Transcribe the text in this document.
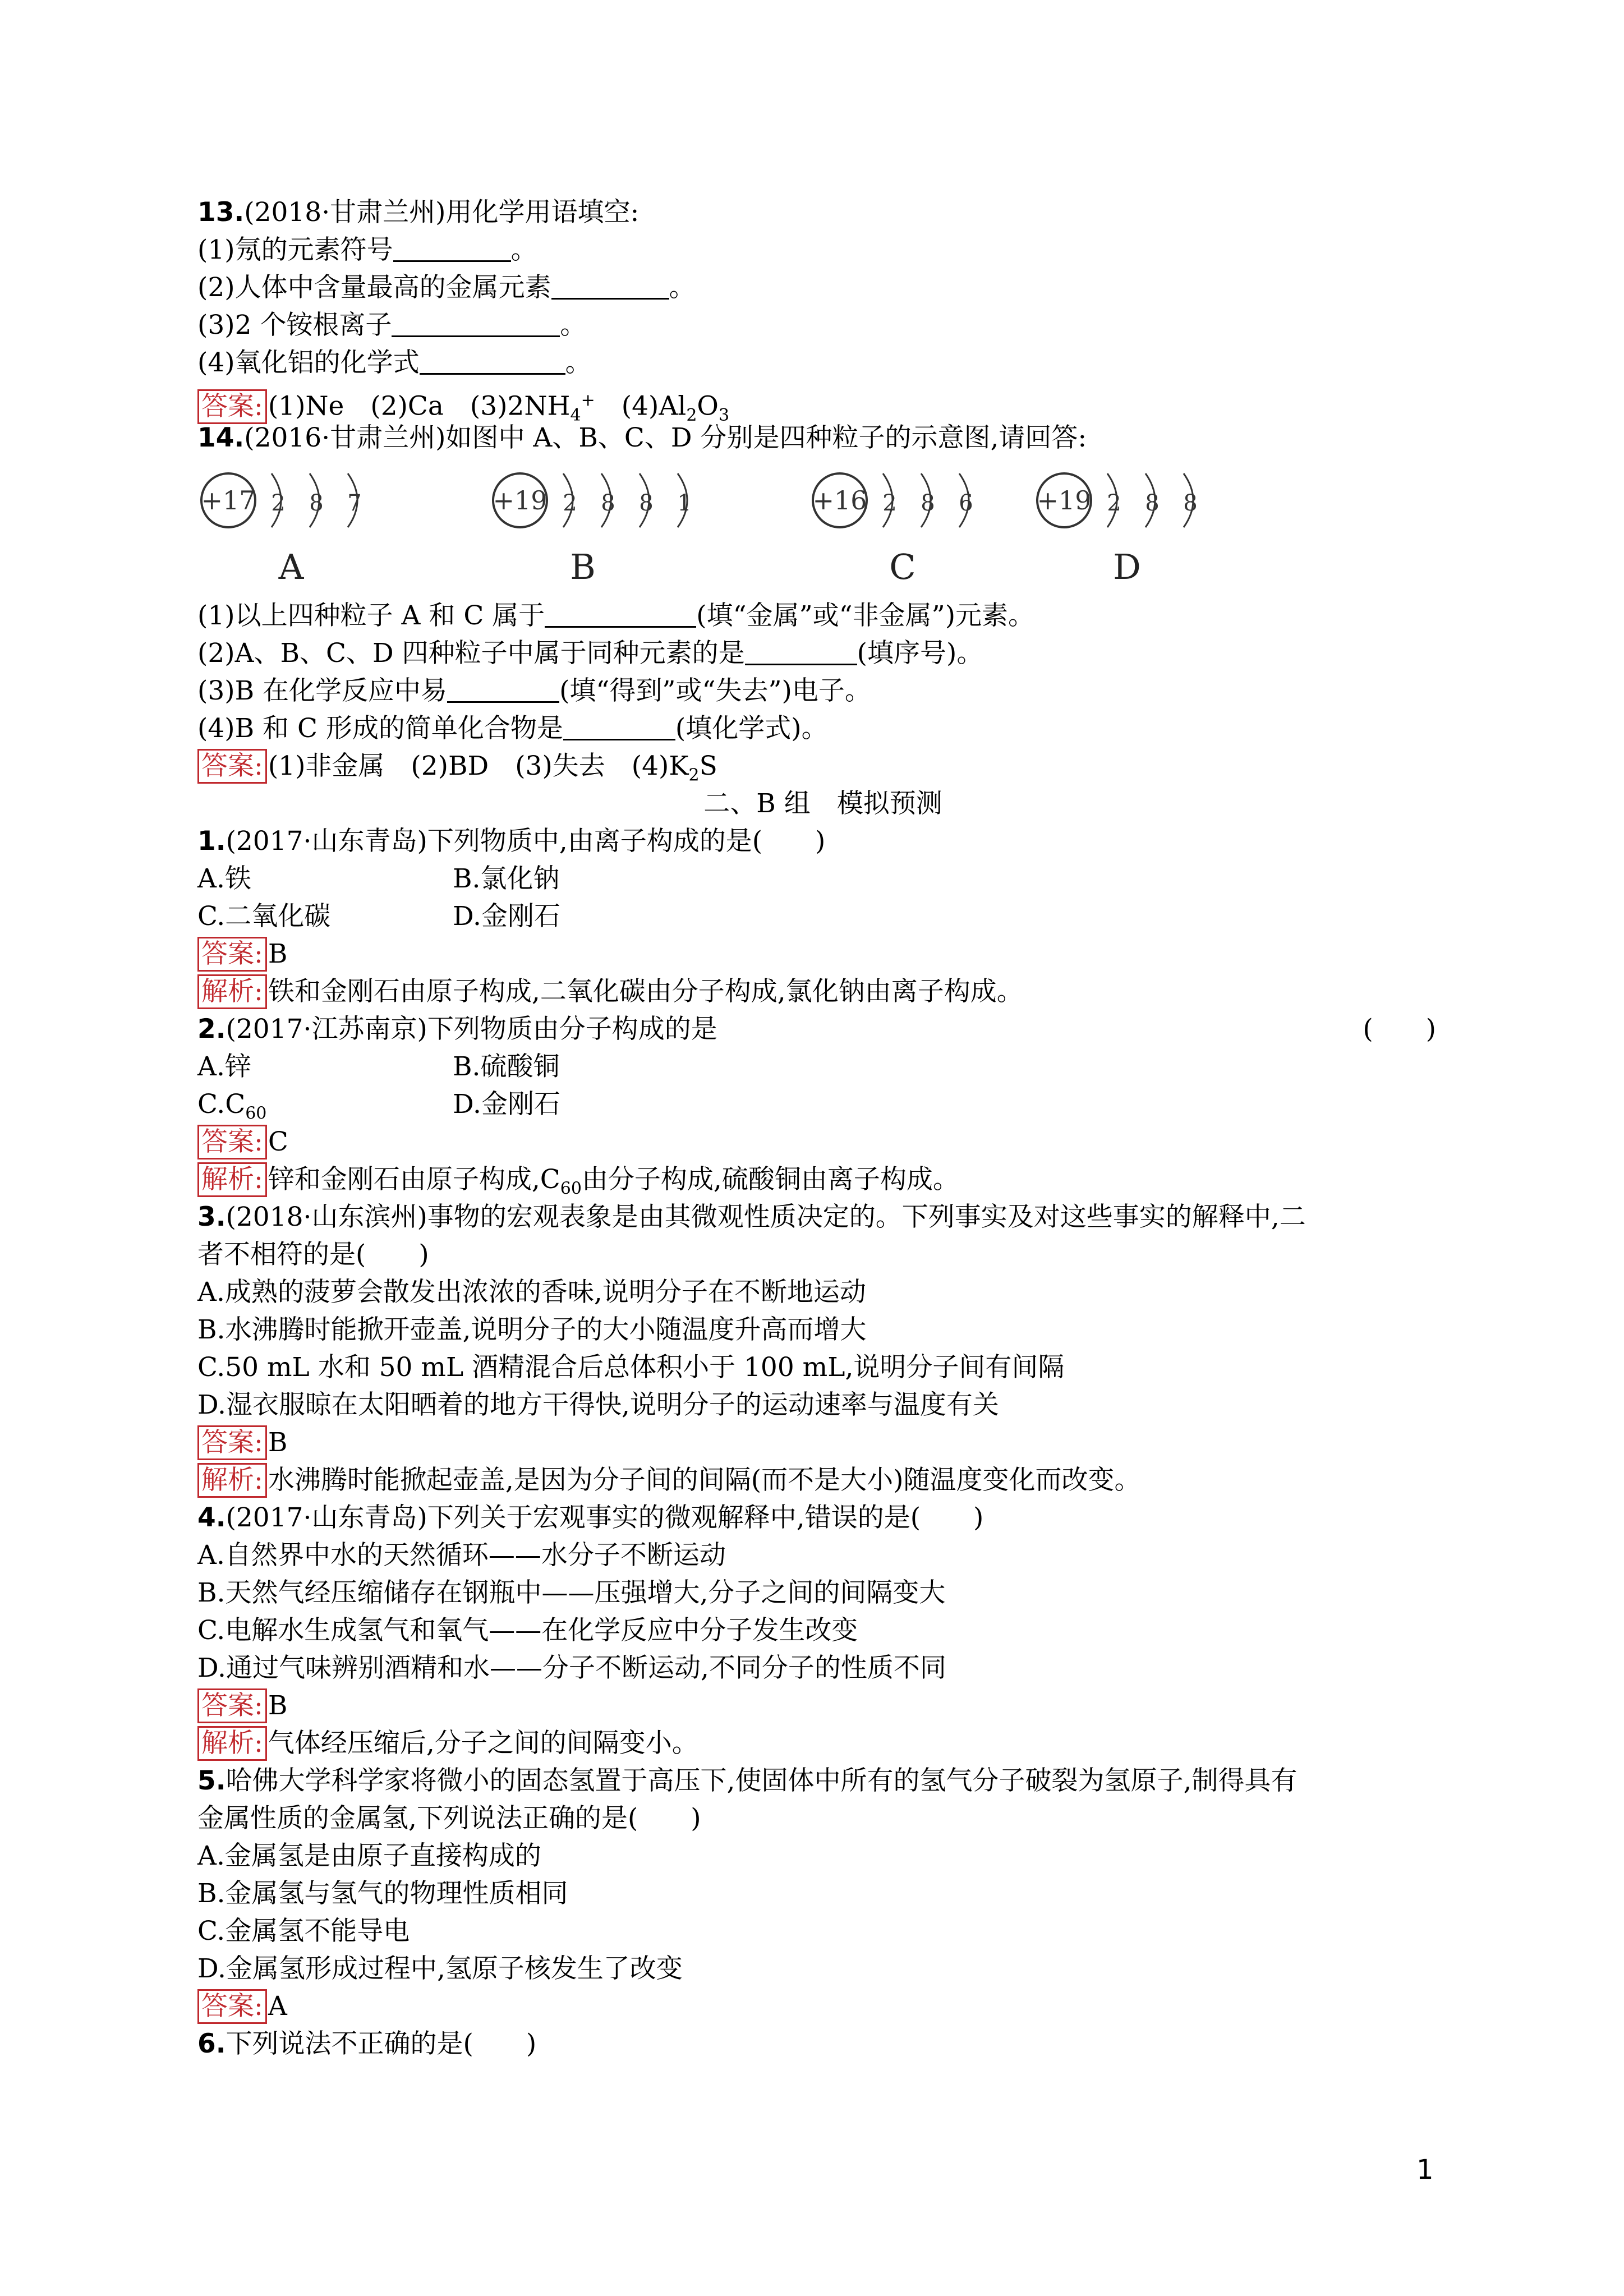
13.(2018·甘肃兰州)用化学用语填空:
(1)氖的元素符号	。
(2)人体中含量最高的金属元素	。
(3)2 个铵根离子	。
(4)氧化铝的化学式	。
答案: (1)Ne　(2)Ca　$(3)2NH_4^+$　$(4)Al_2O_3$
14.(2016·甘肃兰州)如图中 A、B、C、D 分别是四种粒子的示意图,请回答:
+17 2 8 7
A
+19 2 8 8 1
B
+16 2 8 6
C
+19 2 8 8
D
(1)以上四种粒子 A 和 C 属于	(填“金属”或“非金属”)元素。
(2)A、B、C、D 四种粒子中属于同种元素的是	(填序号)。
(3)B 在化学反应中易	(填“得到”或“失去”)电子。
(4)B 和 C 形成的简单化合物是	(填化学式)。
答案: (1)非金属　(2)BD　(3)失去　$(4)K_2S$
二、B 组　模拟预测
1.(2017·山东青岛)下列物质中,由离子构成的是(　　)
A.铁	B.氯化钠
C.二氧化碳	D.金刚石
答案: B
解析: 铁和金刚石由原子构成,二氧化碳由分子构成,氯化钠由离子构成。
2.(2017·江苏南京)下列物质由分子构成的是	(　　)
A.锌	B.硫酸铜
$C.C_{60}$	D.金刚石
答案: C
解析: 锌和金刚石由原子构成$,C_{60}$由分子构成,硫酸铜由离子构成。
3.(2018·山东滨州)事物的宏观表象是由其微观性质决定的。下列事实及对这些事实的解释中,二
者不相符的是(　　)
A.成熟的菠萝会散发出浓浓的香味,说明分子在不断地运动
B.水沸腾时能掀开壶盖,说明分子的大小随温度升高而增大
C.50 mL 水和 50 mL 酒精混合后总体积小于 100 mL,说明分子间有间隔
D.湿衣服晾在太阳晒着的地方干得快,说明分子的运动速率与温度有关
答案: B
解析: 水沸腾时能掀起壶盖,是因为分子间的间隔(而不是大小)随温度变化而改变。
4.(2017·山东青岛)下列关于宏观事实的微观解释中,错误的是(　　)
A.自然界中水的天然循环——水分子不断运动
B.天然气经压缩储存在钢瓶中——压强增大,分子之间的间隔变大
C.电解水生成氢气和氧气——在化学反应中分子发生改变
D.通过气味辨别酒精和水——分子不断运动,不同分子的性质不同
答案: B
解析: 气体经压缩后,分子之间的间隔变小。
5.哈佛大学科学家将微小的固态氢置于高压下,使固体中所有的氢气分子破裂为氢原子,制得具有
金属性质的金属氢,下列说法正确的是(　　)
A.金属氢是由原子直接构成的
B.金属氢与氢气的物理性质相同
C.金属氢不能导电
D.金属氢形成过程中,氢原子核发生了改变
答案: A
6.下列说法不正确的是(　　)
1
